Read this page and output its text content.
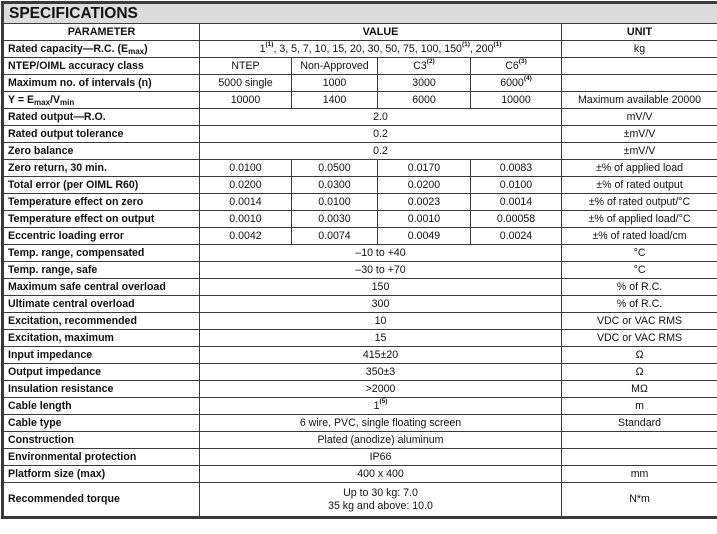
SPECIFICATIONS					
PARAMETER	VALUE				UNIT
Rated capacity—R.C. $(E_{max})$	1$^{(1)}$, 3, 5, 7, 10, 15, 20, 30, 50, 75, 100, 150$^{(1)}$, 200$^{(1)}$				kg
NTEP/OIML accuracy class	NTEP	Non-Approved	C3$^{(2)}$	C6$^{(3)}$	
Maximum no. of intervals (n)	5000 single	1000	3000	6000$^{(4)}$	
$Y = E_{max}/V_{min}$	10000	1400	6000	10000	Maximum available 20000
Rated output—R.O.	2.0				mV/V
Rated output tolerance	0.2				±mV/V
Zero balance	0.2				±mV/V
Zero return, 30 min.	0.0100	0.0500	0.0170	0.0083	±% of applied load
Total error (per OIML R60)	0.0200	0.0300	0.0200	0.0100	±% of rated output
Temperature effect on zero	0.0014	0.0100	0.0023	0.0014	±% of rated output/°C
Temperature effect on output	0.0010	0.0030	0.0010	0.00058	±% of applied load/°C
Eccentric loading error	0.0042	0.0074	0.0049	0.0024	±% of rated load/cm
Temp. range, compensated	–10 to +40				°C
Temp. range, safe	–30 to +70				°C
Maximum safe central overload	150				% of R.C.
Ultimate central overload	300				% of R.C.
Excitation, recommended	10				VDC or VAC RMS
Excitation, maximum	15				VDC or VAC RMS
Input impedance	415±20				Ω
Output impedance	350±3				Ω
Insulation resistance	>2000				MΩ
Cable length	1$^{(5)}$				m
Cable type	6 wire, PVC, single floating screen				Standard
Construction	Plated (anodize) aluminum				
Environmental protection	IP66				
Platform size (max)	400 x 400				mm
Recommended torque	Up to 30 kg: 7.0
35 kg and above: 10.0				N*m
